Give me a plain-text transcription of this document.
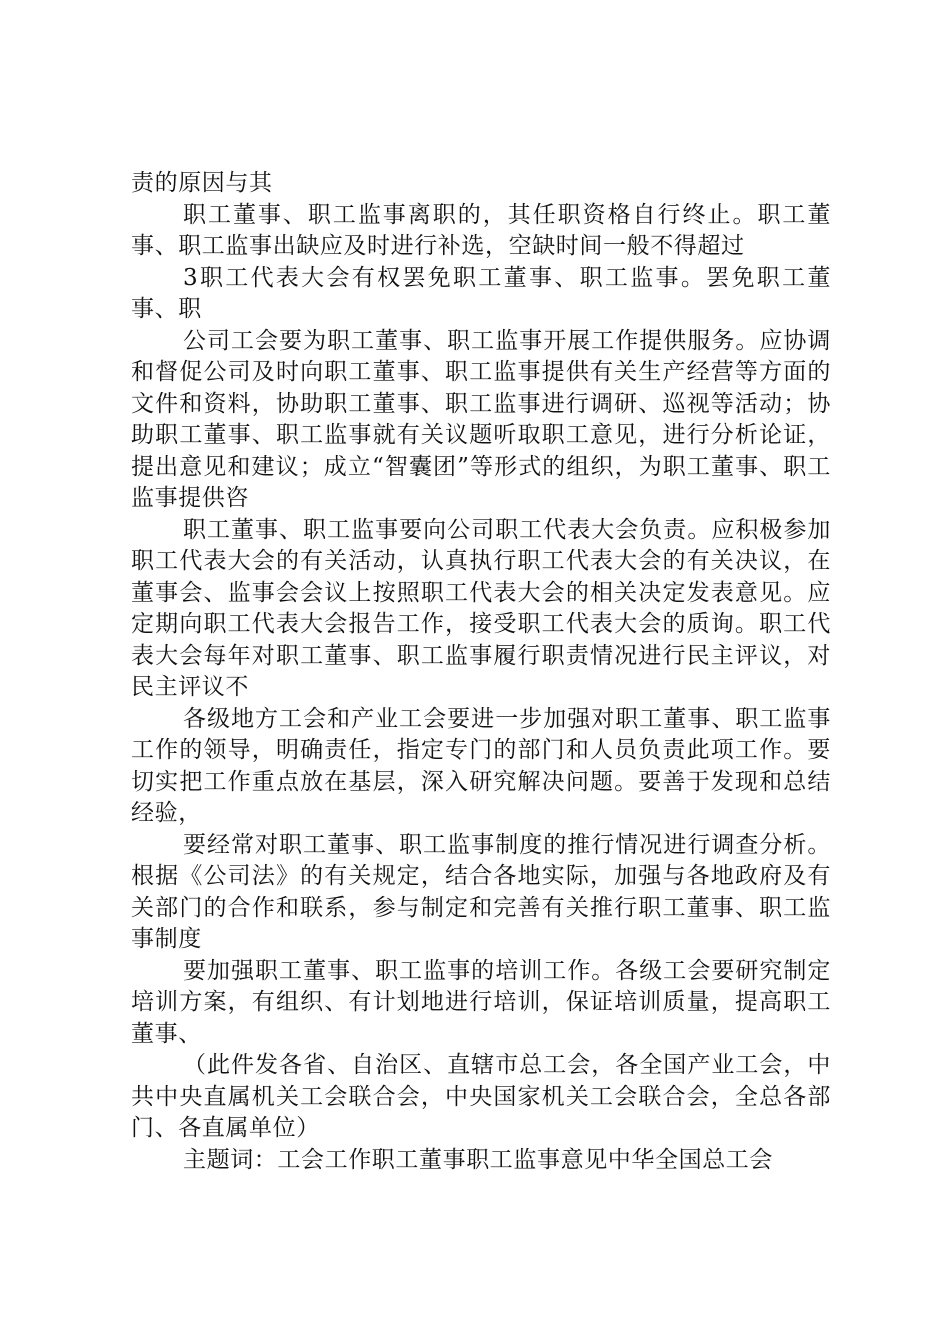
责的原因与其

职工董事、职工监事离职的，其任职资格自行终止。职工董事、职工监事出缺应及时进行补选，空缺时间一般不得超过

3职工代表大会有权罢免职工董事、职工监事。罢免职工董事、职

公司工会要为职工董事、职工监事开展工作提供服务。应协调和督促公司及时向职工董事、职工监事提供有关生产经营等方面的文件和资料，协助职工董事、职工监事进行调研、巡视等活动；协助职工董事、职工监事就有关议题听取职工意见，进行分析论证，提出意见和建议；成立“智囊团”等形式的组织，为职工董事、职工监事提供咨

职工董事、职工监事要向公司职工代表大会负责。应积极参加职工代表大会的有关活动，认真执行职工代表大会的有关决议，在董事会、监事会会议上按照职工代表大会的相关决定发表意见。应定期向职工代表大会报告工作，接受职工代表大会的质询。职工代表大会每年对职工董事、职工监事履行职责情况进行民主评议，对民主评议不

各级地方工会和产业工会要进一步加强对职工董事、职工监事工作的领导，明确责任，指定专门的部门和人员负责此项工作。要切实把工作重点放在基层，深入研究解决问题。要善于发现和总结经验，

要经常对职工董事、职工监事制度的推行情况进行调查分析。根据《公司法》的有关规定，结合各地实际，加强与各地政府及有关部门的合作和联系，参与制定和完善有关推行职工董事、职工监事制度

要加强职工董事、职工监事的培训工作。各级工会要研究制定培训方案，有组织、有计划地进行培训，保证培训质量，提高职工董事、

（此件发各省、自治区、直辖市总工会，各全国产业工会，中共中央直属机关工会联合会，中央国家机关工会联合会，全总各部门、各直属单位）

主题词：工会工作职工董事职工监事意见中华全国总工会
